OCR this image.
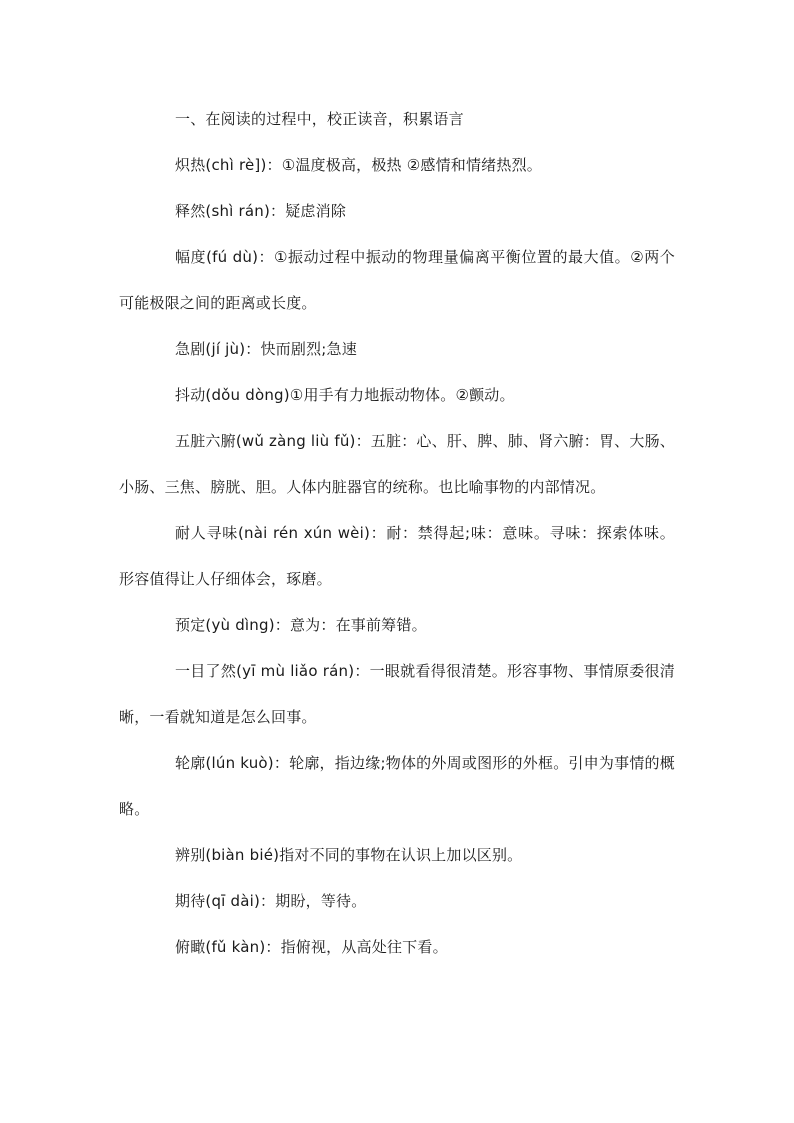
一、在阅读的过程中，校正读音，积累语言

炽热(chì rè])：①温度极高，极热 ②感情和情绪热烈。

释然(shì rán)：疑虑消除

幅度(fú dù)：①振动过程中振动的物理量偏离平衡位置的最大值。②两个可能极限之间的距离或长度。

急剧(jí jù)：快而剧烈;急速

抖动(dǒu dòng)①用手有力地振动物体。②颤动。

五脏六腑(wǔ zàng liù fǔ)：五脏：心、肝、脾、肺、肾六腑：胃、大肠、小肠、三焦、膀胱、胆。人体内脏器官的统称。也比喻事物的内部情况。

耐人寻味(nài rén xún wèi)：耐：禁得起;味：意味。寻味：探索体味。形容值得让人仔细体会，琢磨。

预定(yù dìng)：意为：在事前筹错。

一目了然(yī mù liǎo rán)：一眼就看得很清楚。形容事物、事情原委很清晰，一看就知道是怎么回事。

轮廓(lún kuò)：轮廓，指边缘;物体的外周或图形的外框。引申为事情的概略。

辨别(biàn bié)指对不同的事物在认识上加以区别。

期待(qī dài)：期盼，等待。

俯瞰(fǔ kàn)：指俯视，从高处往下看。
